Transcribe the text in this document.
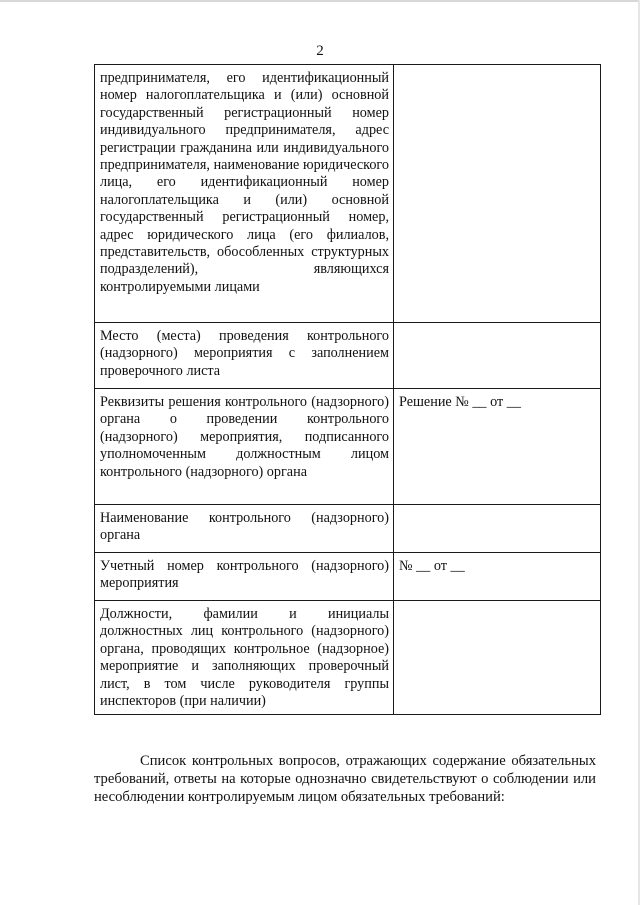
2
предпринимателя, его идентификационный номер налогоплательщика и (или) основной государственный регистрационный номер индивидуального предпринимателя, адрес регистрации гражданина или индивидуального предпринимателя, наименование юридического лица, его идентификационный номер налогоплательщика и (или) основной государственный регистрационный номер, адрес юридического лица (его филиалов, представительств, обособленных структурных подразделений), являющихся контролируемыми лицами	
Место (места) проведения контрольного (надзорного) мероприятия с заполнением проверочного листа	
Реквизиты решения контрольного (надзорного) органа о проведении контрольного (надзорного) мероприятия, подписанного уполномоченным должностным лицом контрольного (надзорного) органа	Решение № __ от __
Наименование контрольного (надзорного) органа	
Учетный номер контрольного (надзорного) мероприятия	№ __ от __
Должности, фамилии и инициалы должностных лиц контрольного (надзорного) органа, проводящих контрольное (надзорное) мероприятие и заполняющих проверочный лист, в том числе руководителя группы инспекторов (при наличии)	

Список контрольных вопросов, отражающих содержание обязательных требований, ответы на которые однозначно свидетельствуют о соблюдении или несоблюдении контролируемым лицом обязательных требований:
